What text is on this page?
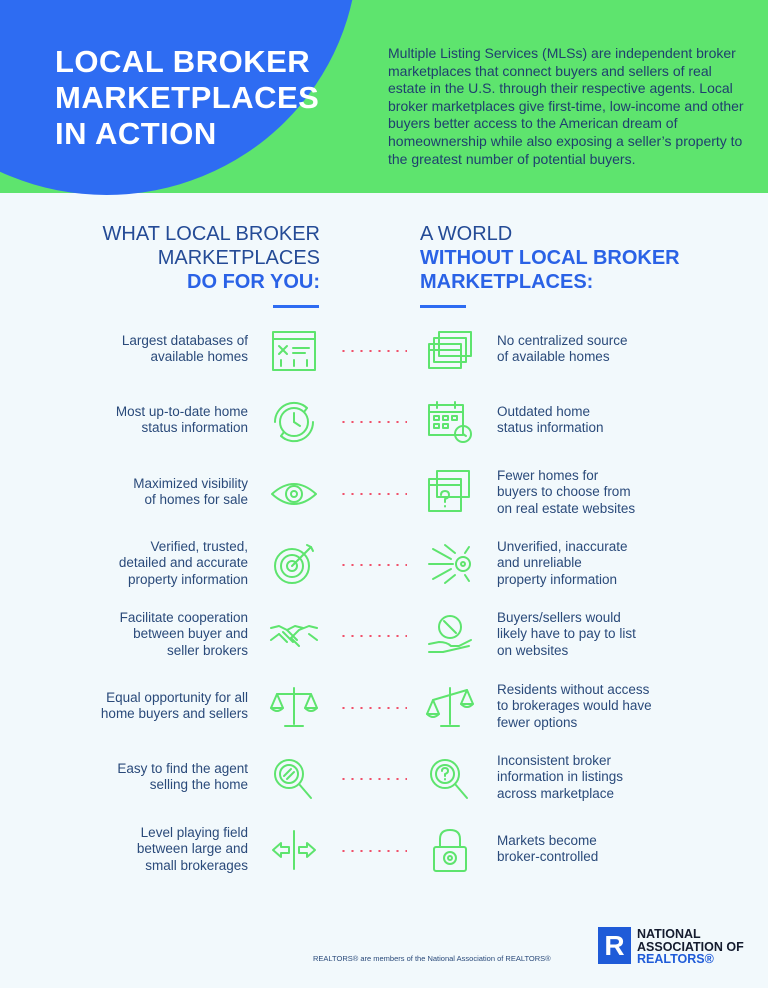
LOCAL BROKER
MARKETPLACES
IN ACTION

Multiple Listing Services (MLSs) are independent broker marketplaces that connect buyers and sellers of real estate in the U.S. through their respective agents. Local broker marketplaces give first-time, low-income and other buyers better access to the American dream of homeownership while also exposing a seller’s property to the greatest number of potential buyers.

WHAT LOCAL BROKER
MARKETPLACES
DO FOR YOU:
A WORLD
WITHOUT LOCAL BROKER
MARKETPLACES:
Largest databases of
available homes
No centralized source
of available homes
Most up-to-date home
status information
Outdated home
status information
Maximized visibility
of homes for sale
Fewer homes for
buyers to choose from
on real estate websites
Verified, trusted,
detailed and accurate
property information
Unverified, inaccurate
and unreliable
property information
Facilitate cooperation
between buyer and
seller brokers
Buyers/sellers would
likely have to pay to list
on websites
Equal opportunity for all
home buyers and sellers
Residents without access
to brokerages would have
fewer options
Easy to find the agent
selling the home
Inconsistent broker
information in listings
across marketplace
Level playing field
between large and
small brokerages
Markets become
broker-controlled
REALTORS® are members of the National Association of REALTORS® R NATIONAL
ASSOCIATION OF
REALTORS®
